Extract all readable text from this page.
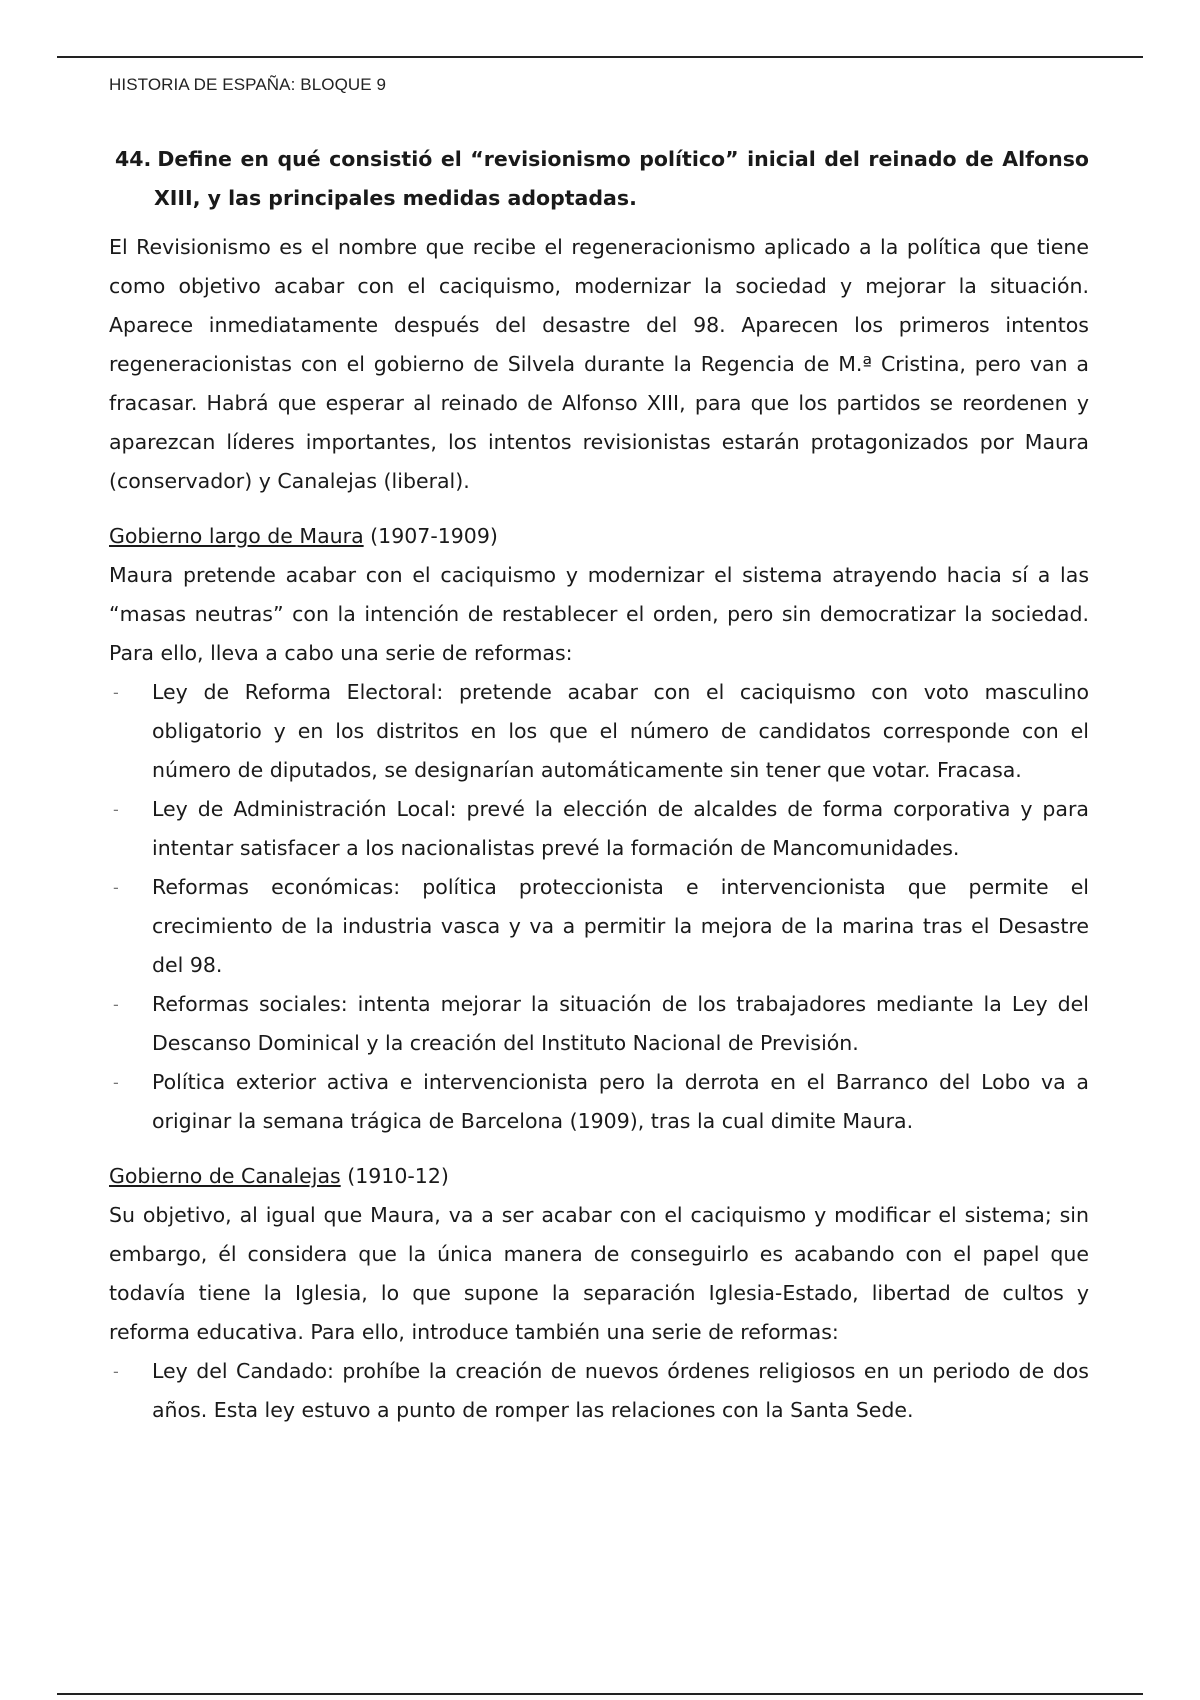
HISTORIA DE ESPAÑA: BLOQUE 9

44. Define en qué consistió el “revisionismo político” inicial del reinado de Alfonso XIII, y las principales medidas adoptadas.

El Revisionismo es el nombre que recibe el regeneracionismo aplicado a la política que tiene como objetivo acabar con el caciquismo, modernizar la sociedad y mejorar la situación. Aparece inmediatamente después del desastre del 98. Aparecen los primeros intentos regeneracionistas con el gobierno de Silvela durante la Regencia de M.ª Cristina, pero van a fracasar. Habrá que esperar al reinado de Alfonso XIII, para que los partidos se reordenen y aparezcan líderes importantes, los intentos revisionistas estarán protagonizados por Maura (conservador) y Canalejas (liberal).

Gobierno largo de Maura (1907-1909)

Maura pretende acabar con el caciquismo y modernizar el sistema atrayendo hacia sí a las “masas neutras” con la intención de restablecer el orden, pero sin democratizar la sociedad. Para ello, lleva a cabo una serie de reformas:

- Ley de Reforma Electoral: pretende acabar con el caciquismo con voto masculino obligatorio y en los distritos en los que el número de candidatos corresponde con el número de diputados, se designarían automáticamente sin tener que votar. Fracasa.
- Ley de Administración Local: prevé la elección de alcaldes de forma corporativa y para intentar satisfacer a los nacionalistas prevé la formación de Mancomunidades.
- Reformas económicas: política proteccionista e intervencionista que permite el crecimiento de la industria vasca y va a permitir la mejora de la marina tras el Desastre del 98.
- Reformas sociales: intenta mejorar la situación de los trabajadores mediante la Ley del Descanso Dominical y la creación del Instituto Nacional de Previsión.
- Política exterior activa e intervencionista pero la derrota en el Barranco del Lobo va a originar la semana trágica de Barcelona (1909), tras la cual dimite Maura.

Gobierno de Canalejas (1910-12)

Su objetivo, al igual que Maura, va a ser acabar con el caciquismo y modificar el sistema; sin embargo, él considera que la única manera de conseguirlo es acabando con el papel que todavía tiene la Iglesia, lo que supone la separación Iglesia-Estado, libertad de cultos y reforma educativa. Para ello, introduce también una serie de reformas:

- Ley del Candado: prohíbe la creación de nuevos órdenes religiosos en un periodo de dos años. Esta ley estuvo a punto de romper las relaciones con la Santa Sede.
